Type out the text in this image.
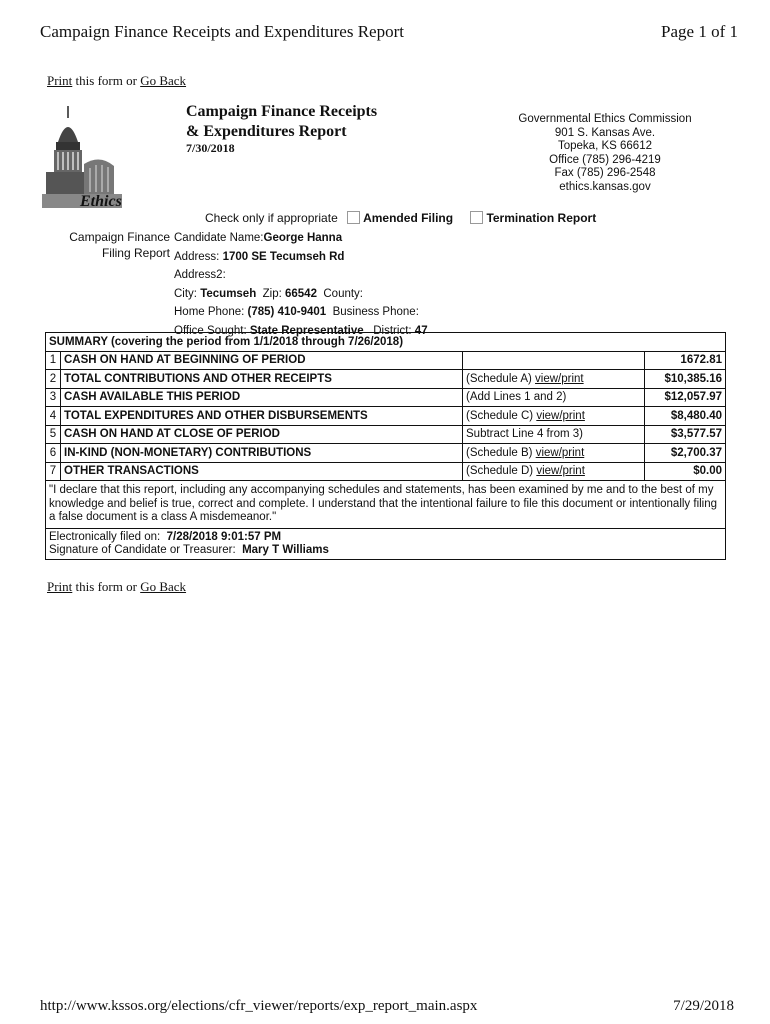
Campaign Finance Receipts and Expenditures Report	Page 1 of 1
Print this form or Go Back
Ethics
Campaign Finance Receipts
& Expenditures Report
7/30/2018
Governmental Ethics Commission
901 S. Kansas Ave.
Topeka, KS 66612
Office (785) 296-4219
Fax (785) 296-2548
ethics.kansas.gov
Check only if appropriate Amended Filing	Termination Report
Campaign Finance
Filing Report
Candidate Name:George Hanna
Address: 1700 SE Tecumseh Rd
Address2:
City: Tecumseh Zip: 66542 County:
Home Phone: (785) 410-9401 Business Phone:
Office Sought: State Representative District: 47
SUMMARY (covering the period from 1/1/2018 through 7/26/2018)			
1	CASH ON HAND AT BEGINNING OF PERIOD		1672.81
2	TOTAL CONTRIBUTIONS AND OTHER RECEIPTS	(Schedule A) view/print	$10,385.16
3	CASH AVAILABLE THIS PERIOD	(Add Lines 1 and 2)	$12,057.97
4	TOTAL EXPENDITURES AND OTHER DISBURSEMENTS	(Schedule C) view/print	$8,480.40
5	CASH ON HAND AT CLOSE OF PERIOD	Subtract Line 4 from 3)	$3,577.57
6	IN-KIND (NON-MONETARY) CONTRIBUTIONS	(Schedule B) view/print	$2,700.37
7	OTHER TRANSACTIONS	(Schedule D) view/print	$0.00
"I declare that this report, including any accompanying schedules and statements, has been examined by me and to the best of my knowledge and belief is true, correct and complete. I understand that the intentional failure to file this document or intentionally filing a false document is a class A misdemeanor."			

Electronically filed on: 7/28/2018 9:01:57 PM
Signature of Candidate or Treasurer: Mary T Williams			
Print this form or Go Back
http://www.kssos.org/elections/cfr_viewer/reports/exp_report_main.aspx	7/29/2018
